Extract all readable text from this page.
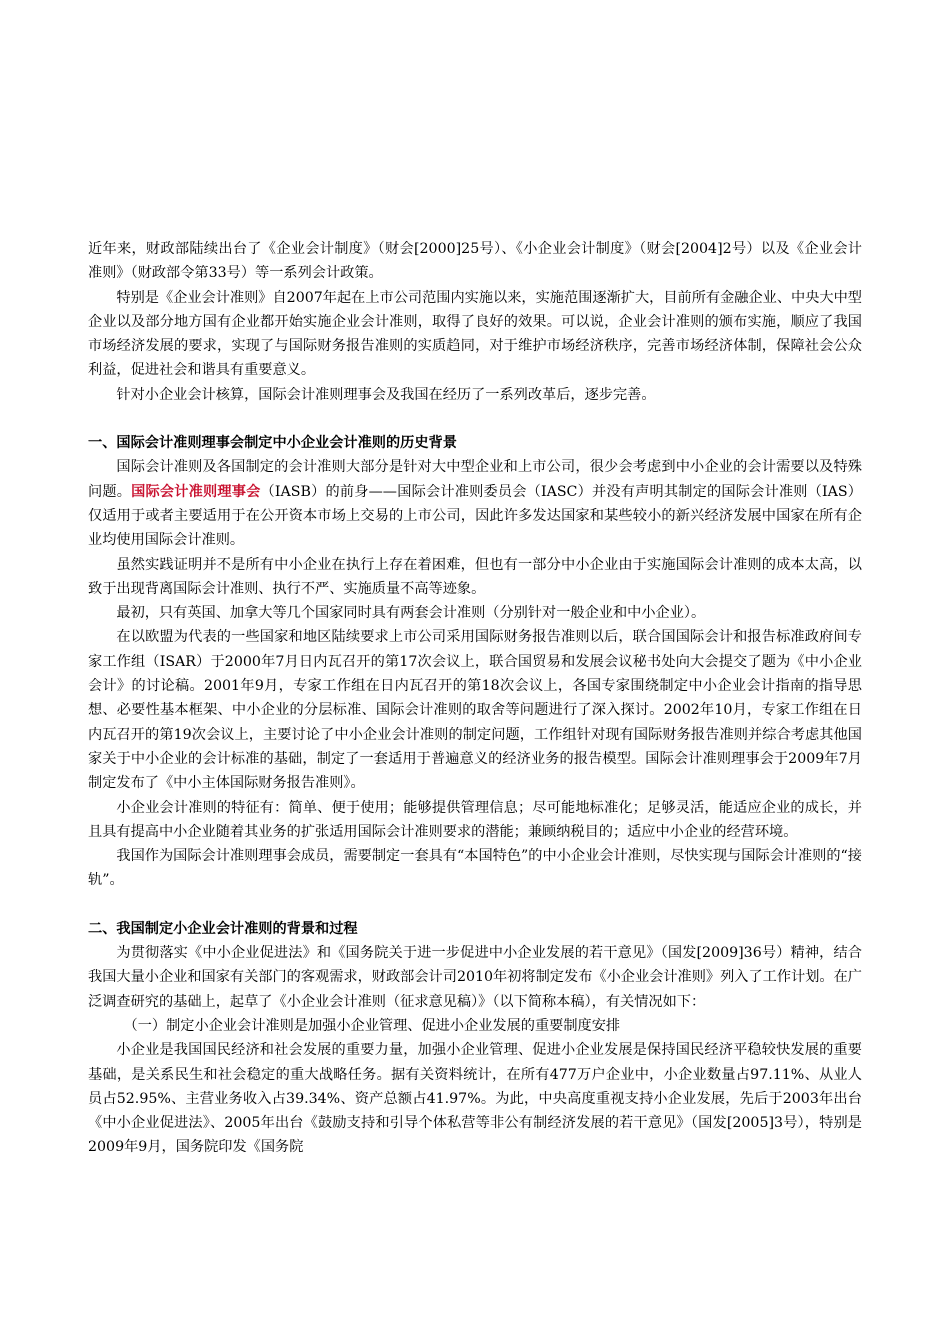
近年来，财政部陆续出台了《企业会计制度》（财会[2000]25号）、《小企业会计制度》（财会[2004]2号）以及《企业会计准则》（财政部令第33号）等一系列会计政策。

特别是《企业会计准则》自2007年起在上市公司范围内实施以来，实施范围逐渐扩大，目前所有金融企业、中央大中型企业以及部分地方国有企业都开始实施企业会计准则，取得了良好的效果。可以说，企业会计准则的颁布实施，顺应了我国市场经济发展的要求，实现了与国际财务报告准则的实质趋同，对于维护市场经济秩序，完善市场经济体制，保障社会公众利益，促进社会和谐具有重要意义。

针对小企业会计核算，国际会计准则理事会及我国在经历了一系列改革后，逐步完善。

一、国际会计准则理事会制定中小企业会计准则的历史背景

国际会计准则及各国制定的会计准则大部分是针对大中型企业和上市公司，很少会考虑到中小企业的会计需要以及特殊问题。国际会计准则理事会（IASB）的前身——国际会计准则委员会（IASC）并没有声明其制定的国际会计准则（IAS）仅适用于或者主要适用于在公开资本市场上交易的上市公司，因此许多发达国家和某些较小的新兴经济发展中国家在所有企业均使用国际会计准则。

虽然实践证明并不是所有中小企业在执行上存在着困难，但也有一部分中小企业由于实施国际会计准则的成本太高，以致于出现背离国际会计准则、执行不严、实施质量不高等迹象。

最初，只有英国、加拿大等几个国家同时具有两套会计准则（分别针对一般企业和中小企业）。

在以欧盟为代表的一些国家和地区陆续要求上市公司采用国际财务报告准则以后，联合国国际会计和报告标准政府间专家工作组（ISAR）于2000年7月日内瓦召开的第17次会议上，联合国贸易和发展会议秘书处向大会提交了题为《中小企业会计》的讨论稿。2001年9月，专家工作组在日内瓦召开的第18次会议上，各国专家围绕制定中小企业会计指南的指导思想、必要性基本框架、中小企业的分层标准、国际会计准则的取舍等问题进行了深入探讨。2002年10月，专家工作组在日内瓦召开的第19次会议上，主要讨论了中小企业会计准则的制定问题，工作组针对现有国际财务报告准则并综合考虑其他国家关于中小企业的会计标准的基础，制定了一套适用于普遍意义的经济业务的报告模型。国际会计准则理事会于2009年7月制定发布了《中小主体国际财务报告准则》。

小企业会计准则的特征有：简单、便于使用；能够提供管理信息；尽可能地标准化；足够灵活，能适应企业的成长，并且具有提高中小企业随着其业务的扩张适用国际会计准则要求的潜能；兼顾纳税目的；适应中小企业的经营环境。

我国作为国际会计准则理事会成员，需要制定一套具有“本国特色”的中小企业会计准则，尽快实现与国际会计准则的“接轨”。

二、我国制定小企业会计准则的背景和过程

为贯彻落实《中小企业促进法》和《国务院关于进一步促进中小企业发展的若干意见》（国发[2009]36号）精神，结合我国大量小企业和国家有关部门的客观需求，财政部会计司2010年初将制定发布《小企业会计准则》列入了工作计划。在广泛调查研究的基础上，起草了《小企业会计准则（征求意见稿）》（以下简称本稿），有关情况如下：

（一）制定小企业会计准则是加强小企业管理、促进小企业发展的重要制度安排

小企业是我国国民经济和社会发展的重要力量，加强小企业管理、促进小企业发展是保持国民经济平稳较快发展的重要基础，是关系民生和社会稳定的重大战略任务。据有关资料统计，在所有477万户企业中，小企业数量占97.11%、从业人员占52.95%、主营业务收入占39.34%、资产总额占41.97%。为此，中央高度重视支持小企业发展，先后于2003年出台《中小企业促进法》、2005年出台《鼓励支持和引导个体私营等非公有制经济发展的若干意见》（国发[2005]3号），特别是2009年9月，国务院印发《国务院
